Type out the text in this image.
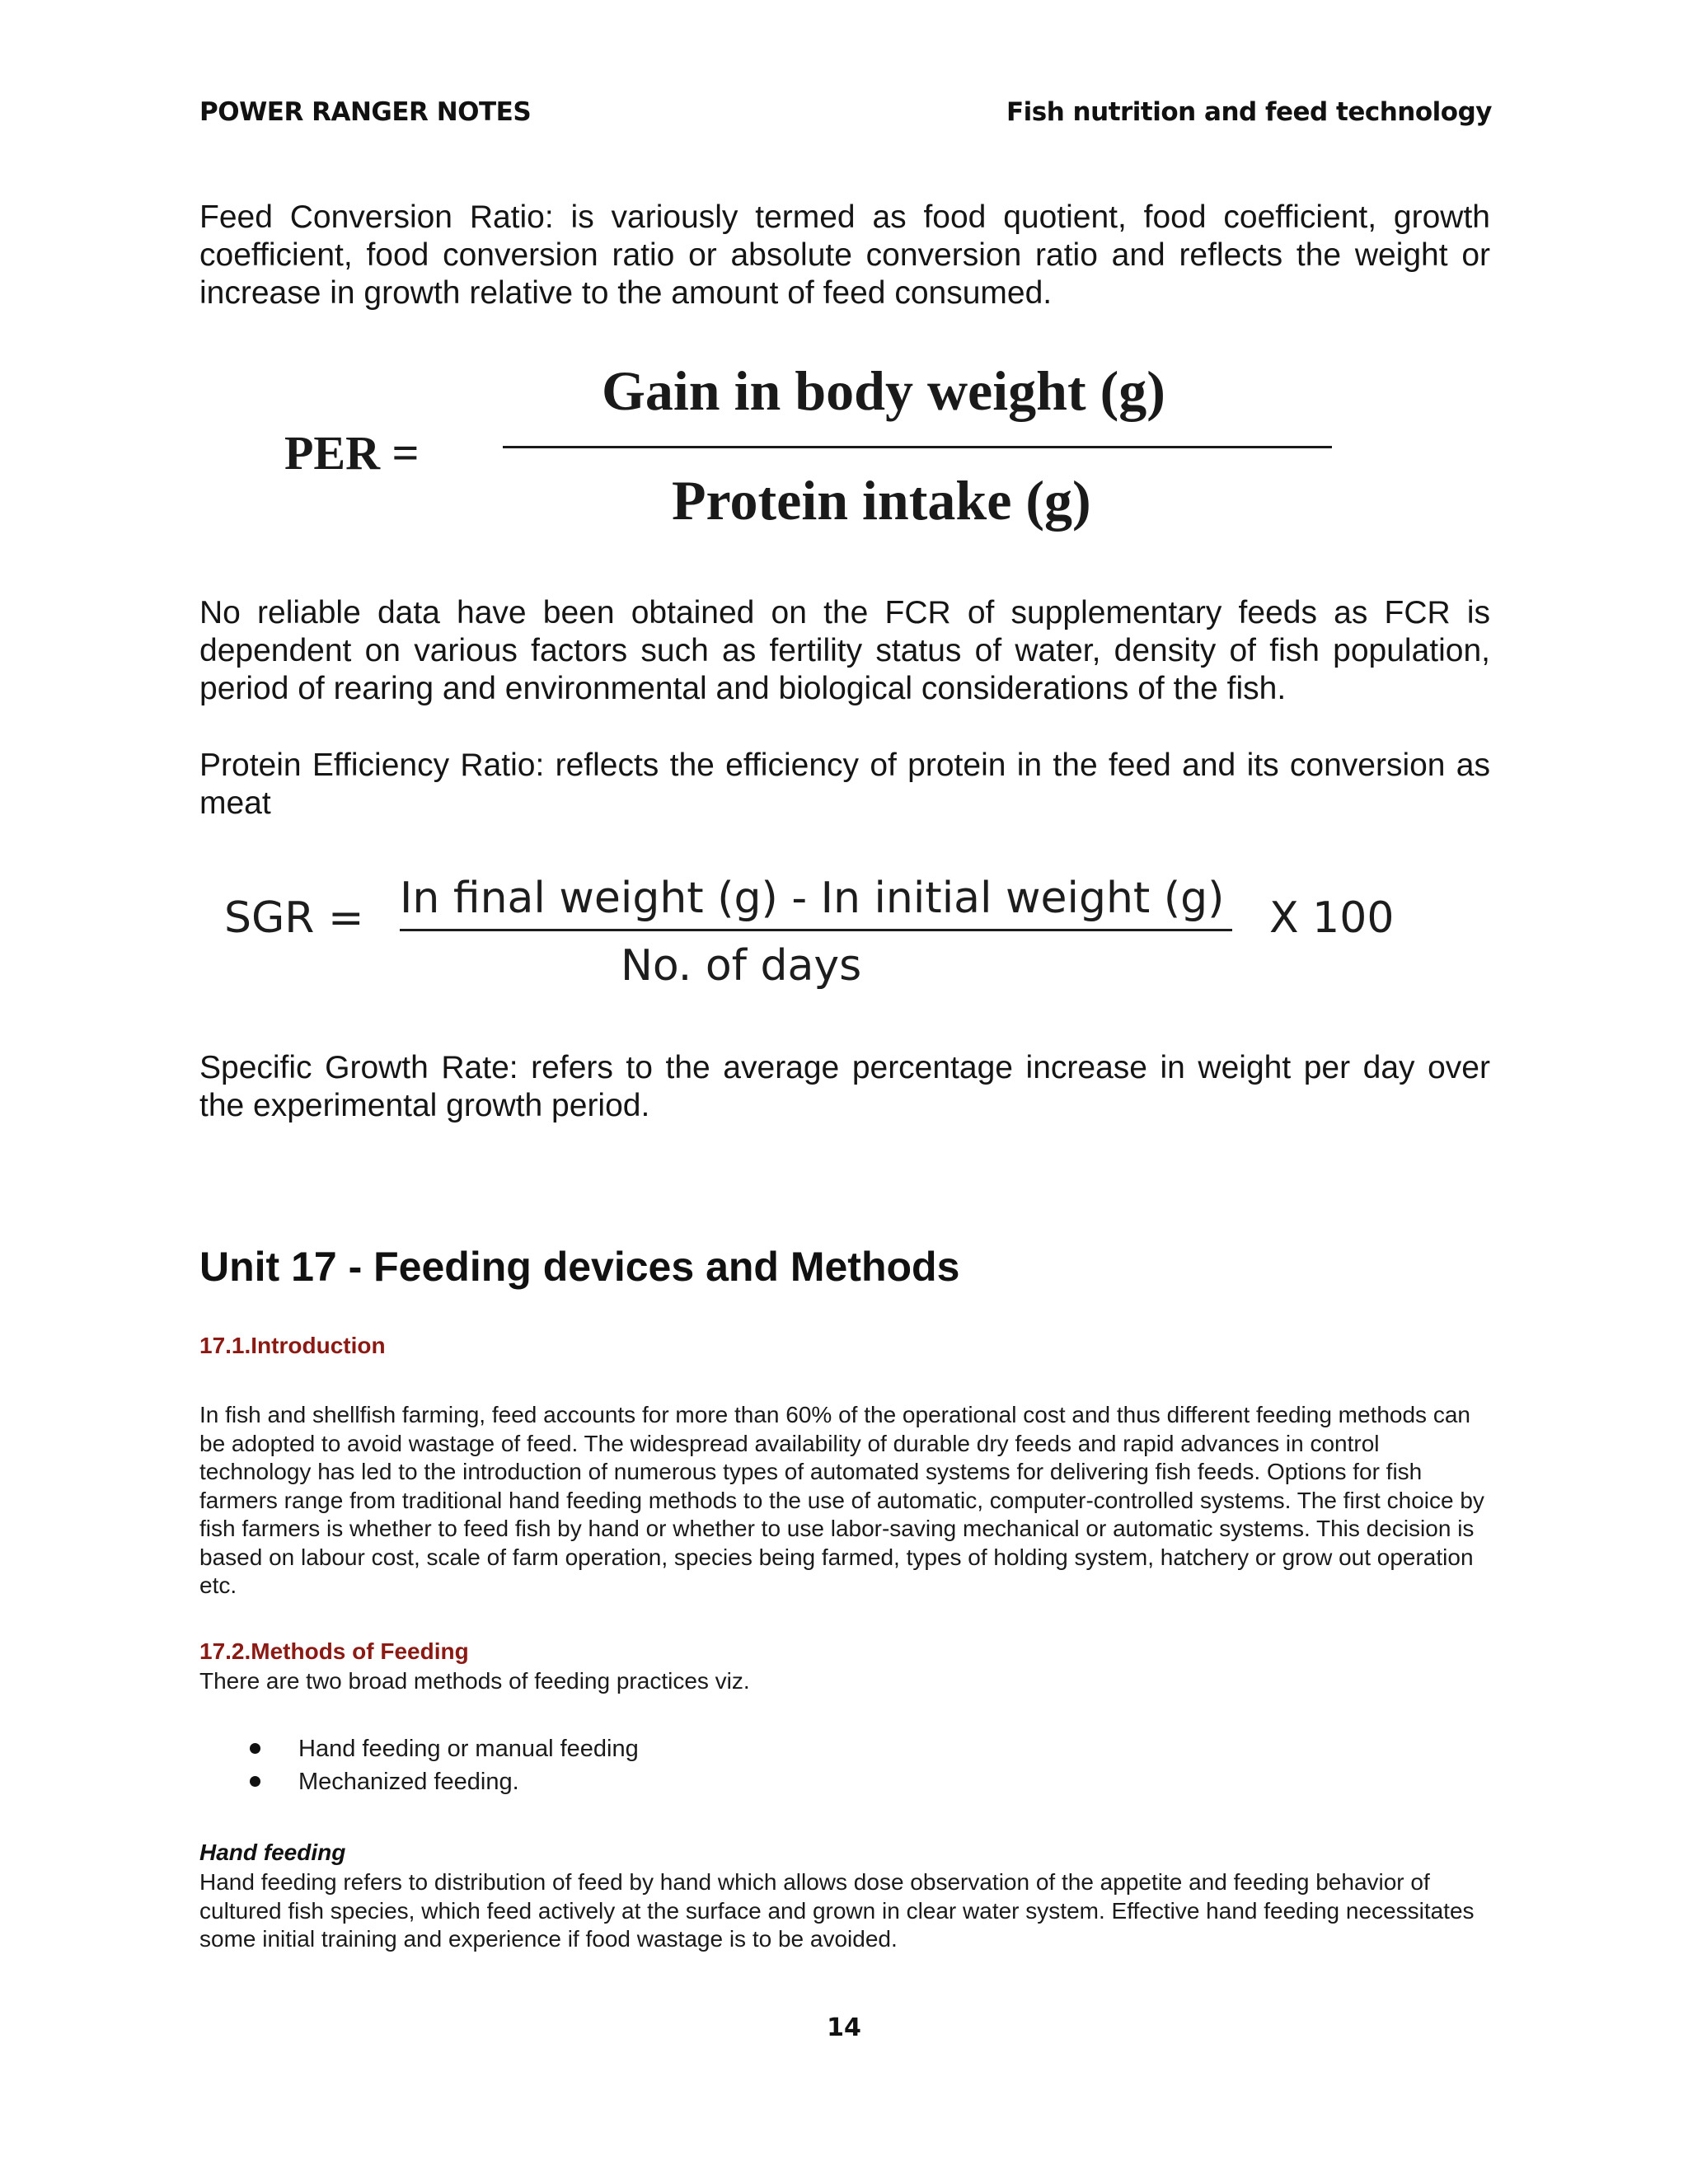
POWER RANGER NOTES	Fish nutrition and feed technology
Feed Conversion Ratio: is variously termed as food quotient, food coefficient, growth coefficient, food conversion ratio or absolute conversion ratio and reflects the weight or increase in growth relative to the amount of feed consumed.
PER =
Gain in body weight (g)
Protein intake (g)
No reliable data have been obtained on the FCR of supplementary feeds as FCR is dependent on various factors such as fertility status of water, density of fish population, period of rearing and environmental and biological considerations of the fish.
Protein Efficiency Ratio: reflects the efficiency of protein in the feed and its conversion as meat
SGR = In final weight (g) - In initial weight (g)
No. of days
X 100
Specific Growth Rate: refers to the average percentage increase in weight per day over the experimental growth period.
Unit 17 - Feeding devices and Methods
17.1.Introduction
In fish and shellfish farming, feed accounts for more than 60% of the operational cost and thus different feeding methods can be adopted to avoid wastage of feed. The widespread availability of durable dry feeds and rapid advances in control technology has led to the introduction of numerous types of automated systems for delivering fish feeds. Options for fish farmers range from traditional hand feeding methods to the use of automatic, computer-controlled systems. The first choice by fish farmers is whether to feed fish by hand or whether to use labor-saving mechanical or automatic systems. This decision is based on labour cost, scale of farm operation, species being farmed, types of holding system, hatchery or grow out operation etc.
17.2.Methods of Feeding
There are two broad methods of feeding practices viz.
Hand feeding or manual feeding
Mechanized feeding.
Hand feeding
Hand feeding refers to distribution of feed by hand which allows dose observation of the appetite and feeding behavior of cultured fish species, which feed actively at the surface and grown in clear water system. Effective hand feeding necessitates some initial training and experience if food wastage is to be avoided.
14
